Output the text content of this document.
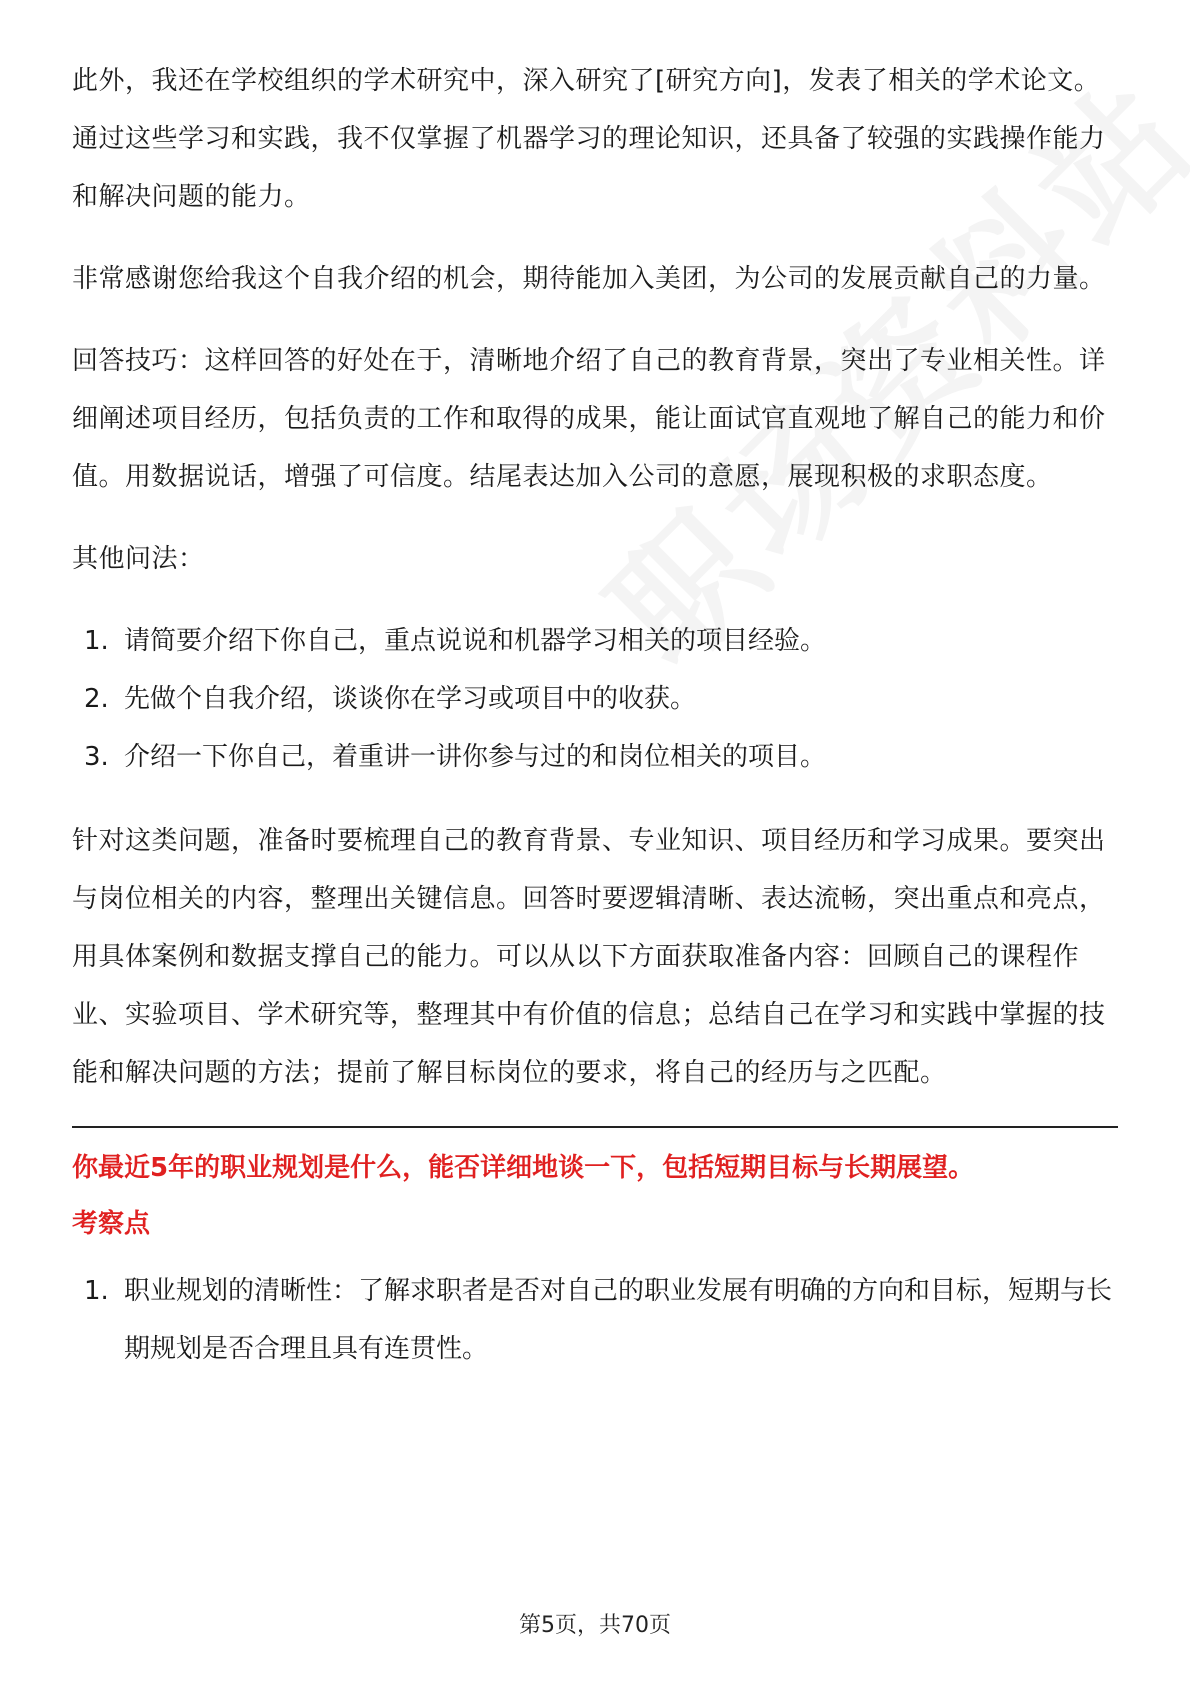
此外，我还在学校组织的学术研究中，深入研究了[研究方向]，发表了相关的学术论文。通过这些学习和实践，我不仅掌握了机器学习的理论知识，还具备了较强的实践操作能力和解决问题的能力。

非常感谢您给我这个自我介绍的机会，期待能加入美团，为公司的发展贡献自己的力量。

回答技巧：这样回答的好处在于，清晰地介绍了自己的教育背景，突出了专业相关性。详细阐述项目经历，包括负责的工作和取得的成果，能让面试官直观地了解自己的能力和价值。用数据说话，增强了可信度。结尾表达加入公司的意愿，展现积极的求职态度。

其他问法：

1. 请简要介绍下你自己，重点说说和机器学习相关的项目经验。
2. 先做个自我介绍，谈谈你在学习或项目中的收获。
3. 介绍一下你自己，着重讲一讲你参与过的和岗位相关的项目。

针对这类问题，准备时要梳理自己的教育背景、专业知识、项目经历和学习成果。要突出与岗位相关的内容，整理出关键信息。回答时要逻辑清晰、表达流畅，突出重点和亮点，用具体案例和数据支撑自己的能力。可以从以下方面获取准备内容：回顾自己的课程作业、实验项目、学术研究等，整理其中有价值的信息；总结自己在学习和实践中掌握的技能和解决问题的方法；提前了解目标岗位的要求，将自己的经历与之匹配。

你最近5年的职业规划是什么，能否详细地谈一下，包括短期目标与长期展望。
考察点
1. 职业规划的清晰性：了解求职者是否对自己的职业发展有明确的方向和目标，短期与长期规划是否合理且具有连贯性。
第5页，共70页
